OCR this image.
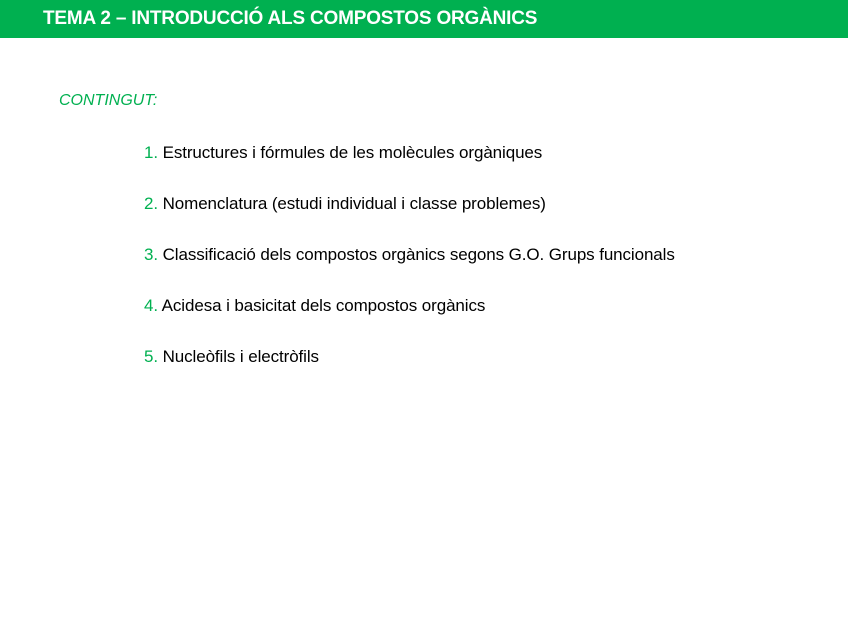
TEMA 2 – INTRODUCCIÓ ALS COMPOSTOS ORGÀNICS
CONTINGUT:
1. Estructures i fórmules de les molècules orgàniques
2. Nomenclatura (estudi individual i classe problemes)
3. Classificació dels compostos orgànics segons G.O. Grups funcionals
4. Acidesa i basicitat dels compostos orgànics
5. Nucleòfils i electròfils
